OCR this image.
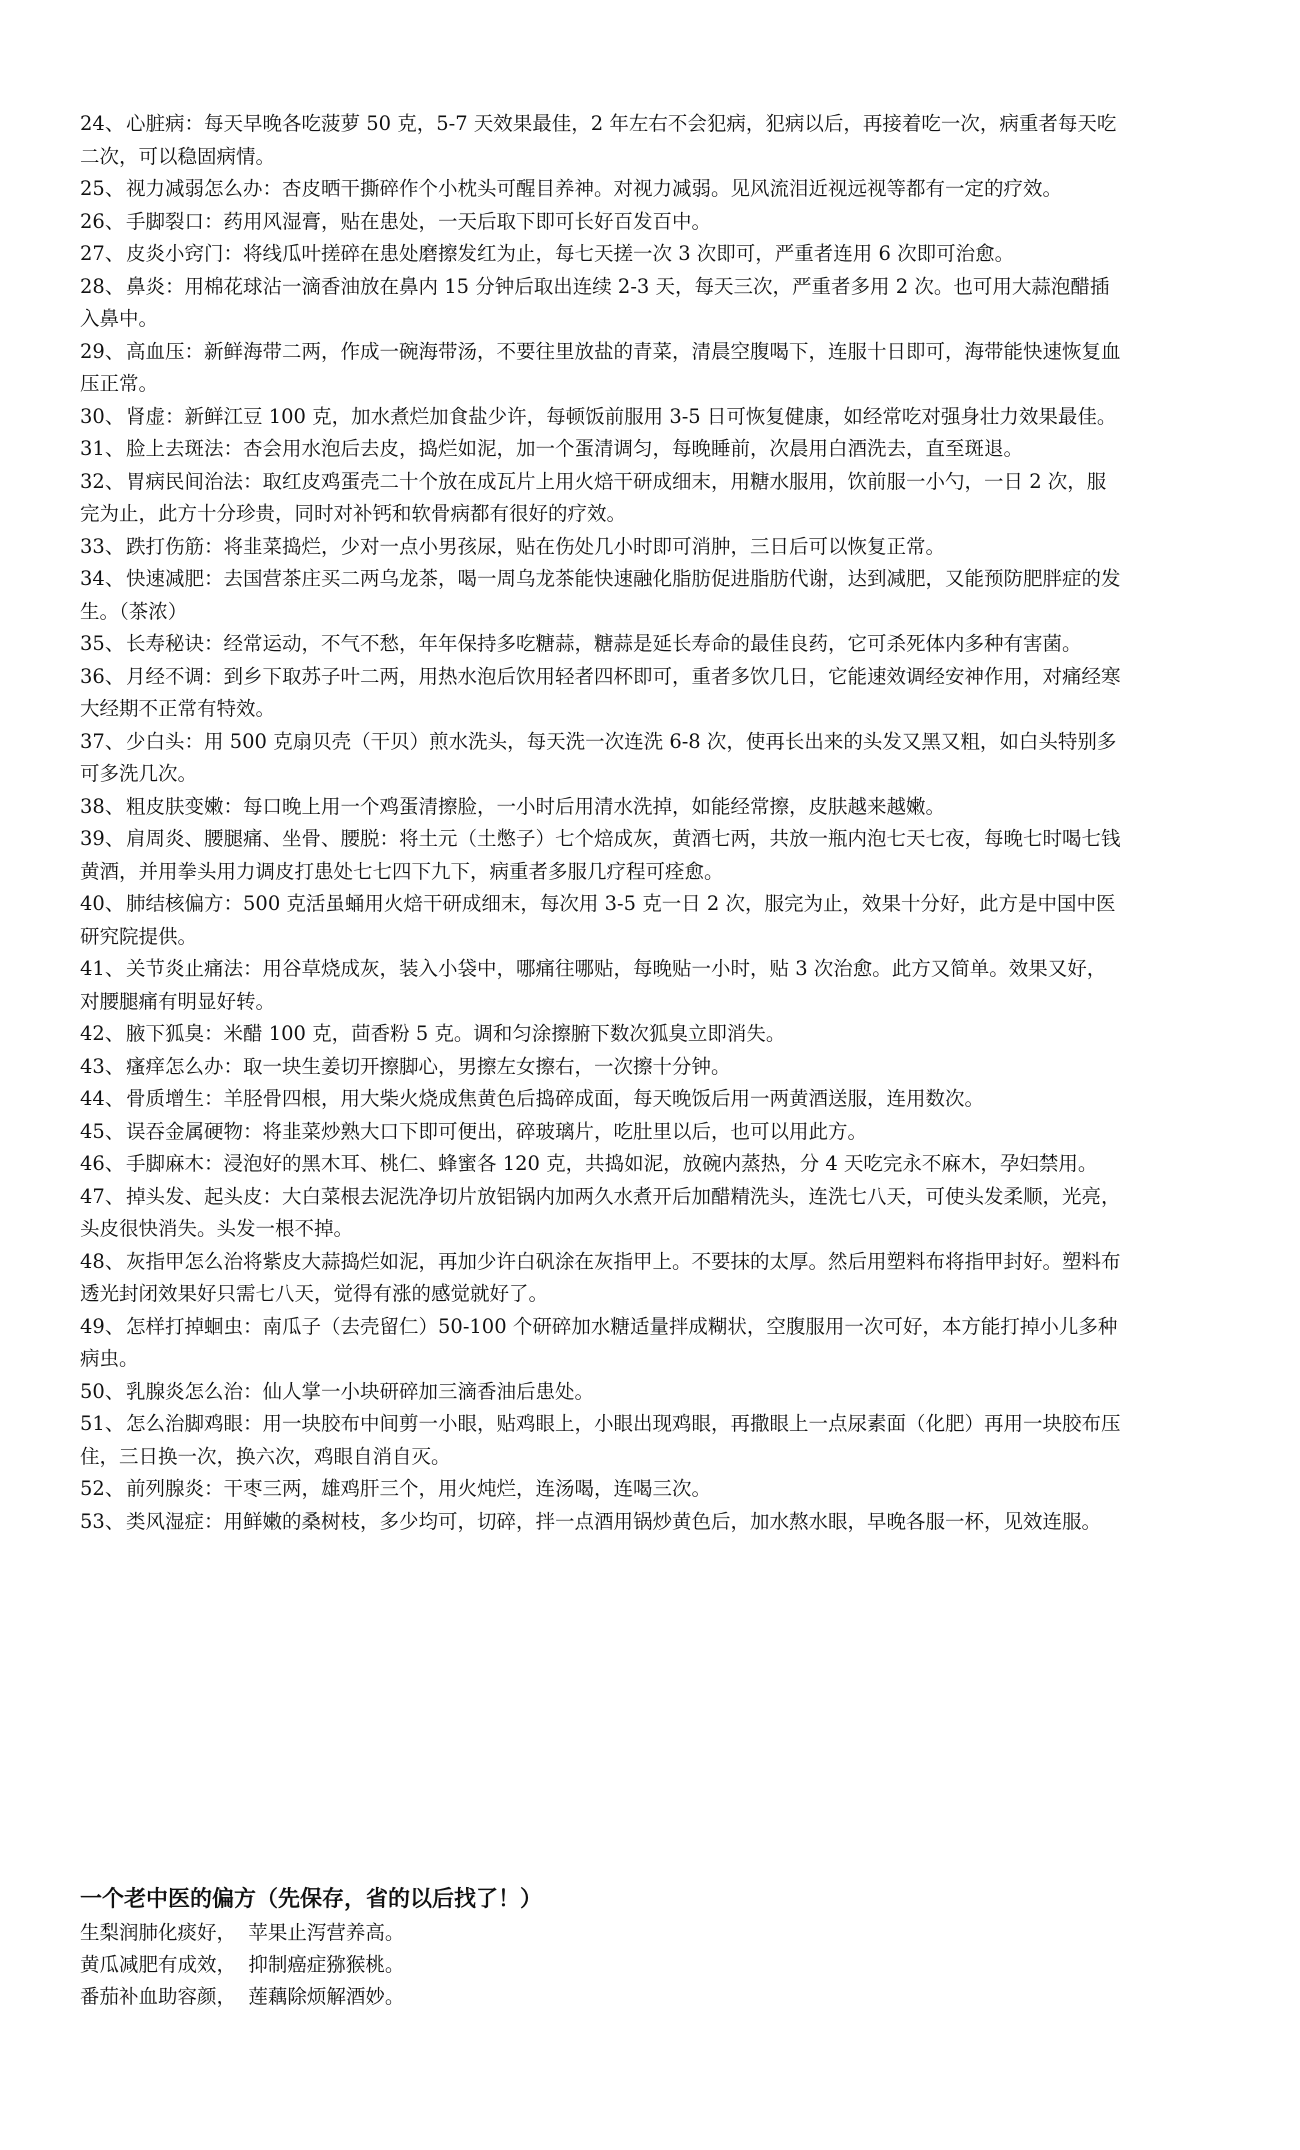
24、心脏病：每天早晚各吃菠萝 50 克，5-7 天效果最佳，2 年左右不会犯病，犯病以后，再接着吃一次，病重者每天吃二次，可以稳固病情。

25、视力减弱怎么办：杏皮晒干撕碎作个小枕头可醒目养神。对视力减弱。见风流泪近视远视等都有一定的疗效。

26、手脚裂口：药用风湿膏，贴在患处，一天后取下即可长好百发百中。

27、皮炎小窍门：将线瓜叶搓碎在患处磨擦发红为止，每七天搓一次 3 次即可，严重者连用 6 次即可治愈。

28、鼻炎：用棉花球沾一滴香油放在鼻内 15 分钟后取出连续 2-3 天，每天三次，严重者多用 2 次。也可用大蒜泡醋插入鼻中。

29、高血压：新鲜海带二两，作成一碗海带汤，不要往里放盐的青菜，清晨空腹喝下，连服十日即可，海带能快速恢复血压正常。

30、肾虚：新鲜江豆 100 克，加水煮烂加食盐少许，每顿饭前服用 3-5 日可恢复健康，如经常吃对强身壮力效果最佳。

31、脸上去斑法：杏会用水泡后去皮，捣烂如泥，加一个蛋清调匀，每晚睡前，次晨用白酒洗去，直至斑退。

32、胃病民间治法：取红皮鸡蛋壳二十个放在成瓦片上用火焙干研成细末，用糖水服用，饮前服一小勺，一日 2 次，服完为止，此方十分珍贵，同时对补钙和软骨病都有很好的疗效。

33、跌打伤筋：将韭菜捣烂，少对一点小男孩尿，贴在伤处几小时即可消肿，三日后可以恢复正常。

34、快速减肥：去国营茶庄买二两乌龙茶，喝一周乌龙茶能快速融化脂肪促进脂肪代谢，达到减肥，又能预防肥胖症的发生。（茶浓）

35、长寿秘诀：经常运动，不气不愁，年年保持多吃糖蒜，糖蒜是延长寿命的最佳良药，它可杀死体内多种有害菌。

36、月经不调：到乡下取苏子叶二两，用热水泡后饮用轻者四杯即可，重者多饮几日，它能速效调经安神作用，对痛经寒大经期不正常有特效。

37、少白头：用 500 克扇贝壳（干贝）煎水洗头，每天洗一次连洗 6-8 次，使再长出来的头发又黑又粗，如白头特别多可多洗几次。

38、粗皮肤变嫩：每口晚上用一个鸡蛋清擦脸，一小时后用清水洗掉，如能经常擦，皮肤越来越嫩。

39、肩周炎、腰腿痛、坐骨、腰脱：将土元（土憋子）七个焙成灰，黄酒七两，共放一瓶内泡七天七夜，每晚七时喝七钱黄酒，并用拳头用力调皮打患处七七四下九下，病重者多服几疗程可痊愈。

40、肺结核偏方：500 克活虽蛹用火焙干研成细末，每次用 3-5 克一日 2 次，服完为止，效果十分好，此方是中国中医研究院提供。

41、关节炎止痛法：用谷草烧成灰，装入小袋中，哪痛往哪贴，每晚贴一小时，贴 3 次治愈。此方又简单。效果又好，对腰腿痛有明显好转。

42、腋下狐臭：米醋 100 克，茴香粉 5 克。调和匀涂擦腑下数次狐臭立即消失。

43、瘙痒怎么办：取一块生姜切开擦脚心，男擦左女擦右，一次擦十分钟。

44、骨质增生：羊胫骨四根，用大柴火烧成焦黄色后捣碎成面，每天晚饭后用一两黄酒送服，连用数次。

45、误吞金属硬物：将韭菜炒熟大口下即可便出，碎玻璃片，吃肚里以后，也可以用此方。

46、手脚麻木：浸泡好的黑木耳、桃仁、蜂蜜各 120 克，共捣如泥，放碗内蒸热，分 4 天吃完永不麻木，孕妇禁用。

47、掉头发、起头皮：大白菜根去泥洗净切片放铝锅内加两久水煮开后加醋精洗头，连洗七八天，可使头发柔顺，光亮，头皮很快消失。头发一根不掉。

48、灰指甲怎么治将紫皮大蒜捣烂如泥，再加少许白矾涂在灰指甲上。不要抹的太厚。然后用塑料布将指甲封好。塑料布透光封闭效果好只需七八天，觉得有涨的感觉就好了。

49、怎样打掉蛔虫：南瓜子（去壳留仁）50-100 个研碎加水糖适量拌成糊状，空腹服用一次可好，本方能打掉小儿多种病虫。

50、乳腺炎怎么治：仙人掌一小块研碎加三滴香油后患处。

51、怎么治脚鸡眼：用一块胶布中间剪一小眼，贴鸡眼上，小眼出现鸡眼，再撒眼上一点尿素面（化肥）再用一块胶布压住，三日换一次，换六次，鸡眼自消自灭。

52、前列腺炎：干枣三两，雄鸡肝三个，用火炖烂，连汤喝，连喝三次。

53、类风湿症：用鲜嫩的桑树枝，多少均可，切碎，拌一点酒用锅炒黄色后，加水熬水眼，早晚各服一杯，见效连服。

一个老中医的偏方（先保存，省的以后找了！）

生梨润肺化痰好，  苹果止泻营养高。

黄瓜减肥有成效，  抑制癌症猕猴桃。

番茄补血助容颜，  莲藕除烦解酒妙。
